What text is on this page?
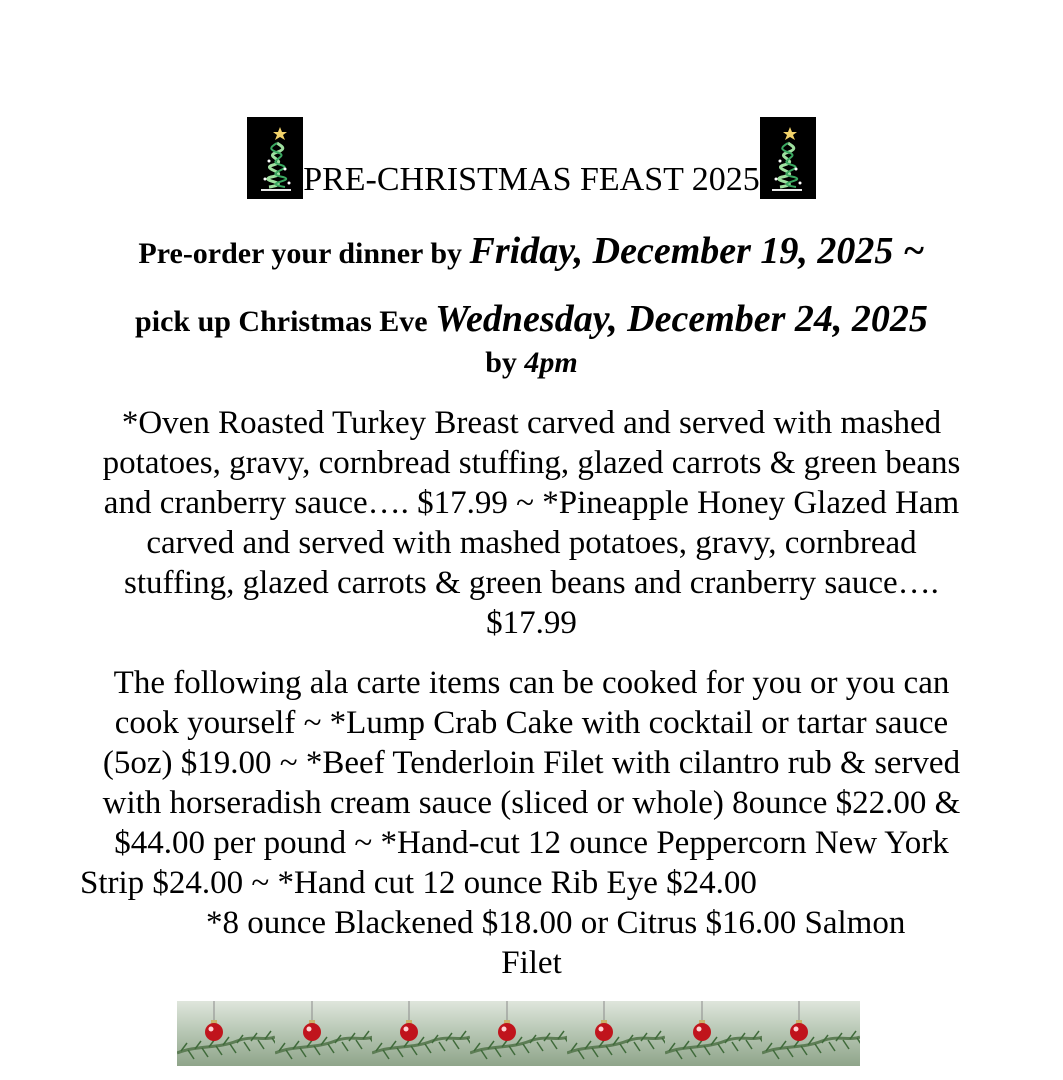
PRE-CHRISTMAS FEAST 2025
Pre-order your dinner by Friday, December 19, 2025 ~
pick up Christmas Eve Wednesday, December 24, 2025
by 4pm
*Oven Roasted Turkey Breast carved and served with mashed
potatoes, gravy, cornbread stuffing, glazed carrots & green beans
and cranberry sauce…. $17.99 ~ *Pineapple Honey Glazed Ham
carved and served with mashed potatoes, gravy, cornbread
stuffing, glazed carrots & green beans and cranberry sauce….
$17.99
The following ala carte items can be cooked for you or you can
cook yourself ~ *Lump Crab Cake with cocktail or tartar sauce
(5oz) $19.00 ~ *Beef Tenderloin Filet with cilantro rub & served
with horseradish cream sauce (sliced or whole) 8ounce $22.00 &
$44.00 per pound ~ *Hand-cut 12 ounce Peppercorn New York
Strip $24.00 ~ *Hand cut 12 ounce Rib Eye $24.00
*8 ounce Blackened $18.00 or Citrus $16.00 Salmon
Filet
